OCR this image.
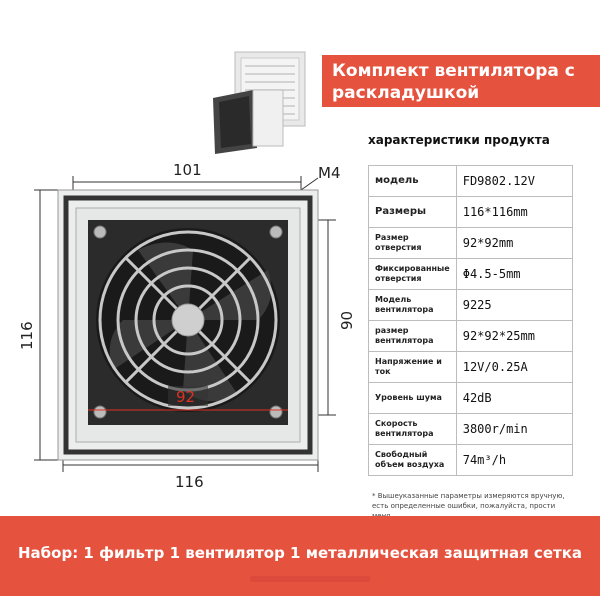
Комплект вентилятора с раскладушкой
характеристики продукта
модель	FD9802.12V
Размеры	116*116mm
Размер отверстия	92*92mm
Фиксированные отверстия	Φ4.5-5mm
Модель вентилятора	9225
размер вентилятора	92*92*25mm
Напряжение и ток	12V/0.25A
Уровень шума	42dB
Скорость вентилятора	3800r/min
Свободный объем воздуха	74m³/h
* Вышеуказанные параметры измеряются вручную, есть определенные ошибки, пожалуйста, прости
101	M4
116
90
92
116
Набор: 1 фильтр 1 вентилятор 1 металлическая защитная сетка
